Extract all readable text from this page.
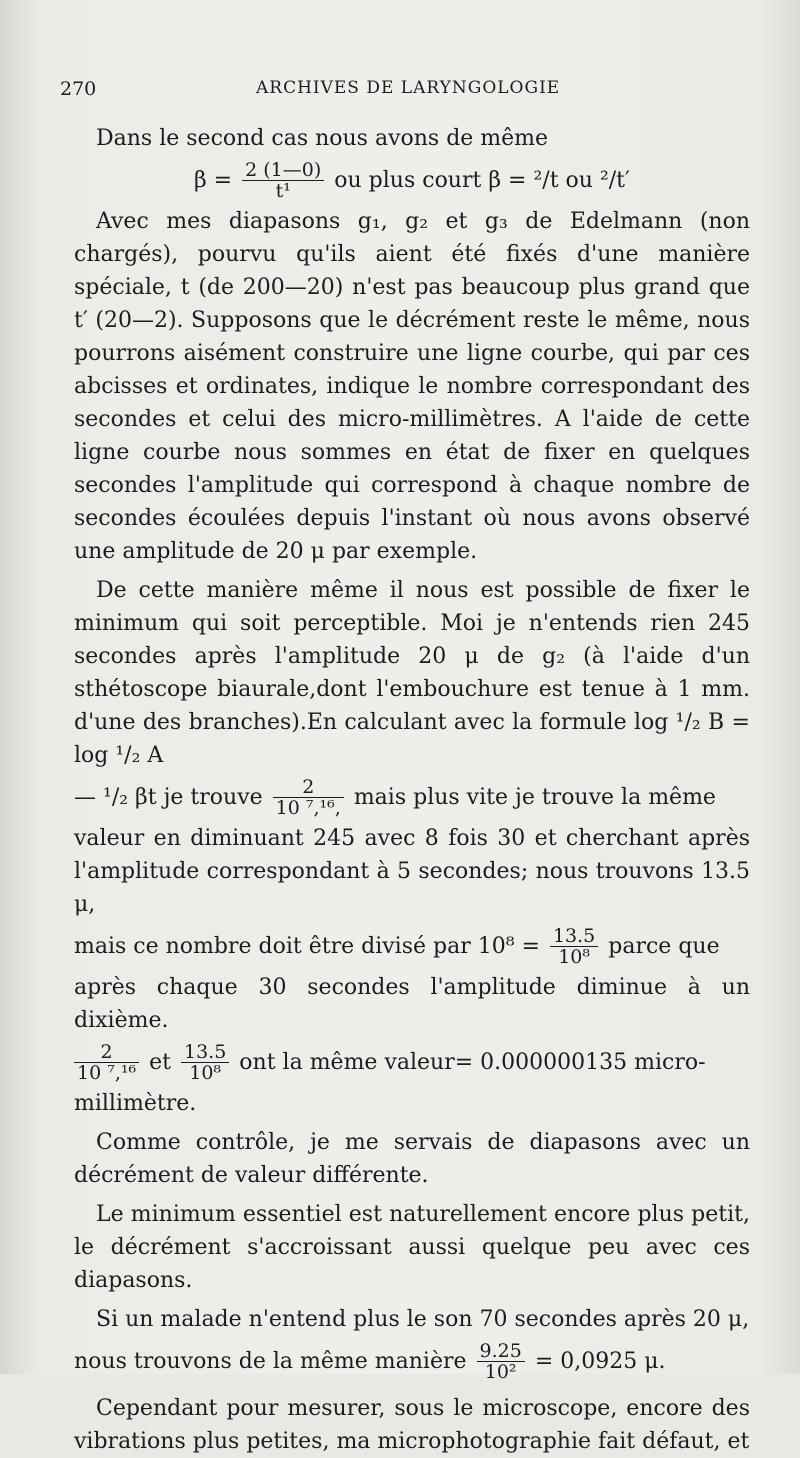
270	ARCHIVES DE LARYNGOLOGIE

Dans le second cas nous avons de même

$\beta = \frac{2 (1—0)}{\text{t¹}}$ ou plus court β = ²/t ou ²/t′

Avec mes diapasons g₁, g₂ et g₃ de Edelmann (non chargés), pourvu qu'ils aient été fixés d'une manière spéciale, t (de 200—20) n'est pas beaucoup plus grand que t′ (20—2). Supposons que le décrément reste le même, nous pourrons aisément construire une ligne courbe, qui par ces abcisses et ordinates, indique le nombre correspondant des secondes et celui des micro-millimètres. A l'aide de cette ligne courbe nous sommes en état de fixer en quelques secondes l'amplitude qui correspond à chaque nombre de secondes écoulées depuis l'instant où nous avons observé une amplitude de 20 μ par exemple.

De cette manière même il nous est possible de fixer le minimum qui soit perceptible. Moi je n'entends rien 245 secondes après l'amplitude 20 μ de g₂ (à l'aide d'un sthétoscope biaurale,dont l'embouchure est tenue à 1 mm. d'une des branches).En calculant avec la formule log ¹/₂ B = log ¹/₂ A

— ¹/₂ βt je trouve $\frac{2}{\text{10 ⁷,¹⁶,}}$ mais plus vite je trouve la même

valeur en diminuant 245 avec 8 fois 30 et cherchant après l'amplitude correspondant à 5 secondes; nous trouvons 13.5 μ,

mais ce nombre doit être divisé par $10^8 = \frac{13.5}{\text{10⁸}}$ parce que

après chaque 30 secondes l'amplitude diminue à un dixième.

$\frac{2}{\text{10 ⁷,¹⁶}}$ et $\frac{13.5}{\text{10⁸}}$ ont la même valeur= 0.000000135 micro-

millimètre.

Comme contrôle, je me servais de diapasons avec un décrément de valeur différente.

Le minimum essentiel est naturellement encore plus petit, le décrément s'accroissant aussi quelque peu avec ces diapasons.

Si un malade n'entend plus le son 70 secondes après 20 μ,

nous trouvons de la même manière $\frac{9.25}{\text{10²}} = 0,0925$ μ.

Cependant pour mesurer, sous le microscope, encore des vibrations plus petites, ma microphotographie fait défaut, et
